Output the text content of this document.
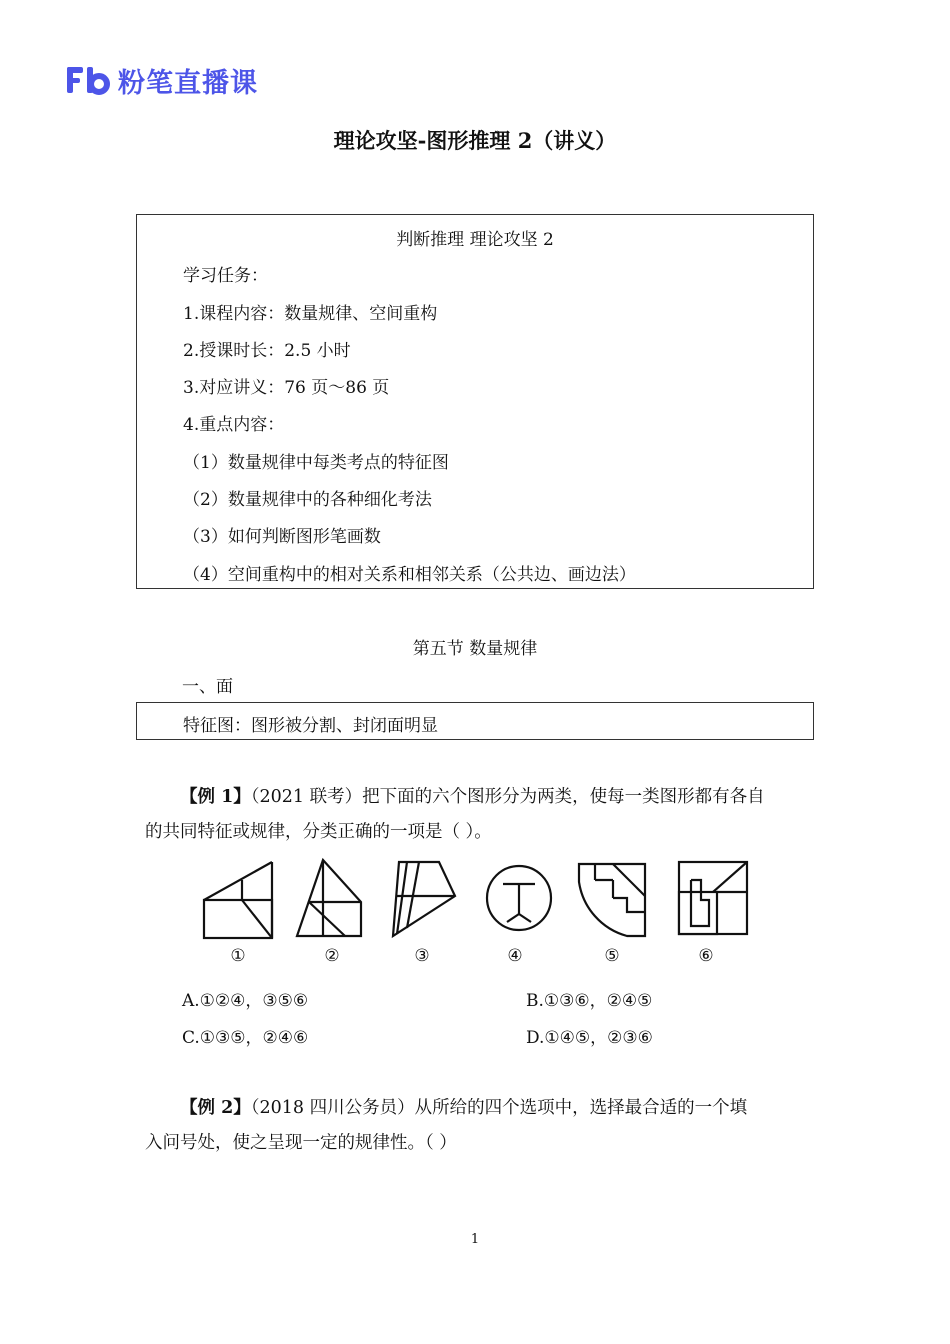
粉笔直播课
理论攻坚-图形推理 2（讲义）
判断推理 理论攻坚 2
学习任务：
1.课程内容：数量规律、空间重构
2.授课时长：2.5 小时
3.对应讲义：76 页～86 页
4.重点内容：
（1）数量规律中每类考点的特征图
（2）数量规律中的各种细化考法
（3）如何判断图形笔画数
（4）空间重构中的相对关系和相邻关系（公共边、画边法）
第五节 数量规律
一、面
特征图：图形被分割、封闭面明显
【例 1】（2021 联考）把下面的六个图形分为两类，使每一类图形都有各自
的共同特征或规律，分类正确的一项是（ ）。
①	②	③	④	⑤	⑥
A.①②④，③⑤⑥	B.①③⑥，②④⑤
C.①③⑤，②④⑥	D.①④⑤，②③⑥
【例 2】（2018 四川公务员）从所给的四个选项中，选择最合适的一个填
入问号处，使之呈现一定的规律性。（ ）
1
